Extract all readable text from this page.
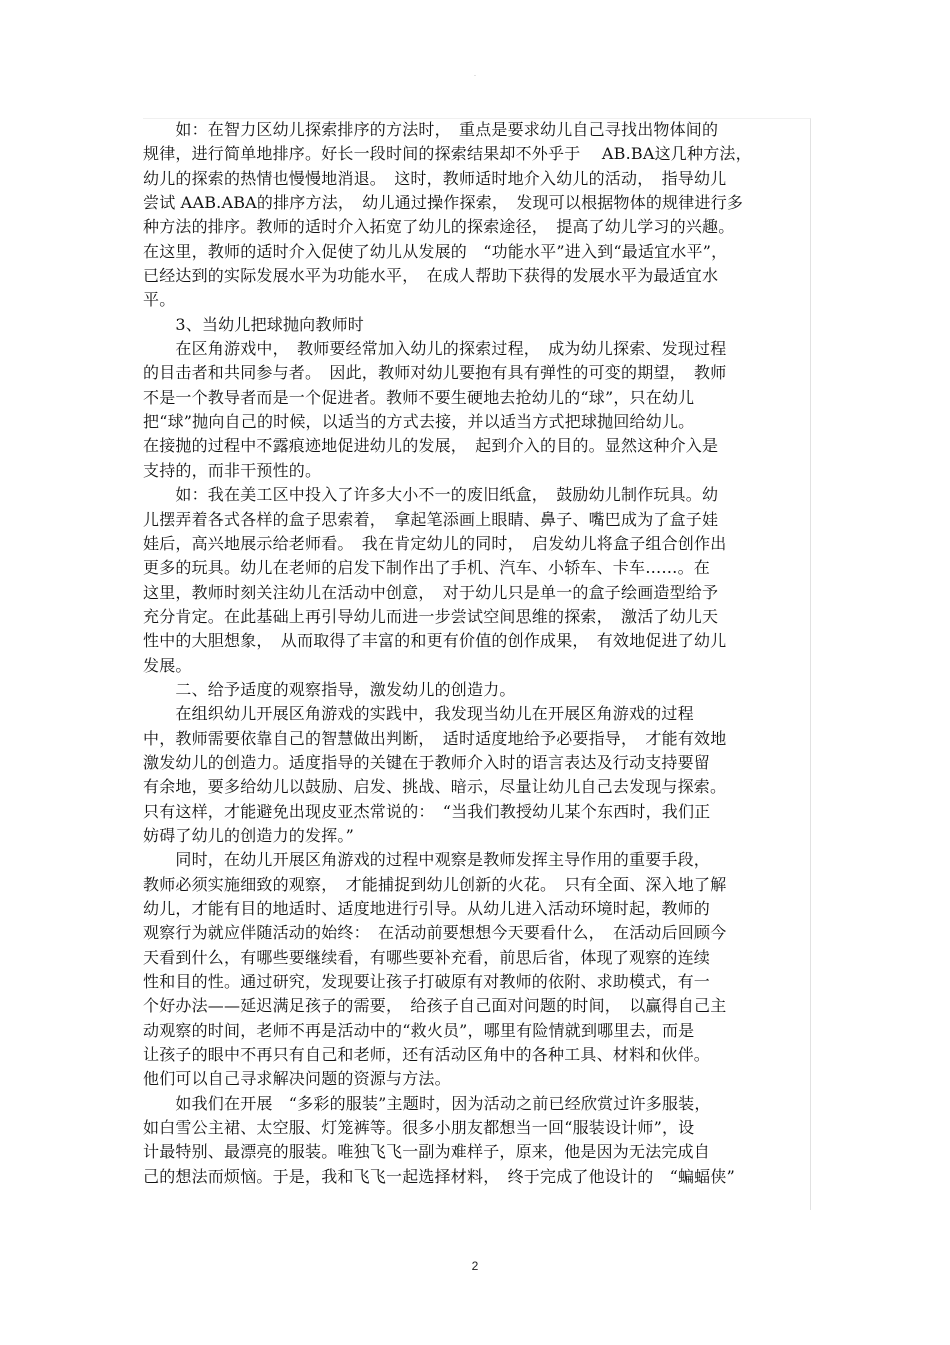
·
　　如：在智力区幼儿探索排序的方法时，　重点是要求幼儿自己寻找出物体间的
规律，进行简单地排序。好长一段时间的探索结果却不外乎于　 AB.BA这几种方法，
幼儿的探索的热情也慢慢地消退。　这时，教师适时地介入幼儿的活动，　指导幼儿
尝试 AAB.ABA的排序方法，　幼儿通过操作探索，　发现可以根据物体的规律进行多
种方法的排序。教师的适时介入拓宽了幼儿的探索途径，　提高了幼儿学习的兴趣。
在这里，教师的适时介入促使了幼儿从发展的　“功能水平”进入到“最适宜水平”，
已经达到的实际发展水平为功能水平，　在成人帮助下获得的发展水平为最适宜水
平。
　　3、当幼儿把球抛向教师时
　　在区角游戏中，　教师要经常加入幼儿的探索过程，　成为幼儿探索、发现过程
的目击者和共同参与者。　因此，教师对幼儿要抱有具有弹性的可变的期望，　教师
不是一个教导者而是一个促进者。教师不要生硬地去抢幼儿的“球”，只在幼儿
把“球”抛向自己的时候，以适当的方式去接，并以适当方式把球抛回给幼儿。
在接抛的过程中不露痕迹地促进幼儿的发展，　起到介入的目的。显然这种介入是
支持的，而非干预性的。
　　如：我在美工区中投入了许多大小不一的废旧纸盒，　鼓励幼儿制作玩具。幼
儿摆弄着各式各样的盒子思索着，　拿起笔添画上眼睛、鼻子、嘴巴成为了盒子娃
娃后，高兴地展示给老师看。　我在肯定幼儿的同时，　启发幼儿将盒子组合创作出
更多的玩具。幼儿在老师的启发下制作出了手机、汽车、小轿车、卡车……。在
这里，教师时刻关注幼儿在活动中创意，　对于幼儿只是单一的盒子绘画造型给予
充分肯定。在此基础上再引导幼儿而进一步尝试空间思维的探索，　激活了幼儿天
性中的大胆想象，　从而取得了丰富的和更有价值的创作成果，　有效地促进了幼儿
发展。
　　二、给予适度的观察指导，激发幼儿的创造力。
　　在组织幼儿开展区角游戏的实践中，我发现当幼儿在开展区角游戏的过程
中，教师需要依靠自己的智慧做出判断，　适时适度地给予必要指导，　才能有效地
激发幼儿的创造力。适度指导的关键在于教师介入时的语言表达及行动支持要留
有余地，要多给幼儿以鼓励、启发、挑战、暗示，尽量让幼儿自己去发现与探索。
只有这样，才能避免出现皮亚杰常说的：　“当我们教授幼儿某个东西时，我们正
妨碍了幼儿的创造力的发挥。”
　　同时，在幼儿开展区角游戏的过程中观察是教师发挥主导作用的重要手段，
教师必须实施细致的观察，　才能捕捉到幼儿创新的火花。　只有全面、深入地了解
幼儿，才能有目的地适时、适度地进行引导。从幼儿进入活动环境时起，教师的
观察行为就应伴随活动的始终：　在活动前要想想今天要看什么，　在活动后回顾今
天看到什么，有哪些要继续看，有哪些要补充看，前思后省，体现了观察的连续
性和目的性。通过研究，发现要让孩子打破原有对教师的依附、求助模式，有一
个好办法——延迟满足孩子的需要，　给孩子自己面对问题的时间，　以赢得自己主
动观察的时间，老师不再是活动中的“救火员”，哪里有险情就到哪里去，而是
让孩子的眼中不再只有自己和老师，还有活动区角中的各种工具、材料和伙伴。
他们可以自己寻求解决问题的资源与方法。
　　如我们在开展　“多彩的服装”主题时，因为活动之前已经欣赏过许多服装，
如白雪公主裙、太空服、灯笼裤等。很多小朋友都想当一回“服装设计师”，设
计最特别、最漂亮的服装。唯独飞飞一副为难样子，原来，他是因为无法完成自
己的想法而烦恼。于是，我和飞飞一起选择材料，　终于完成了他设计的　“蝙蝠侠”
2
